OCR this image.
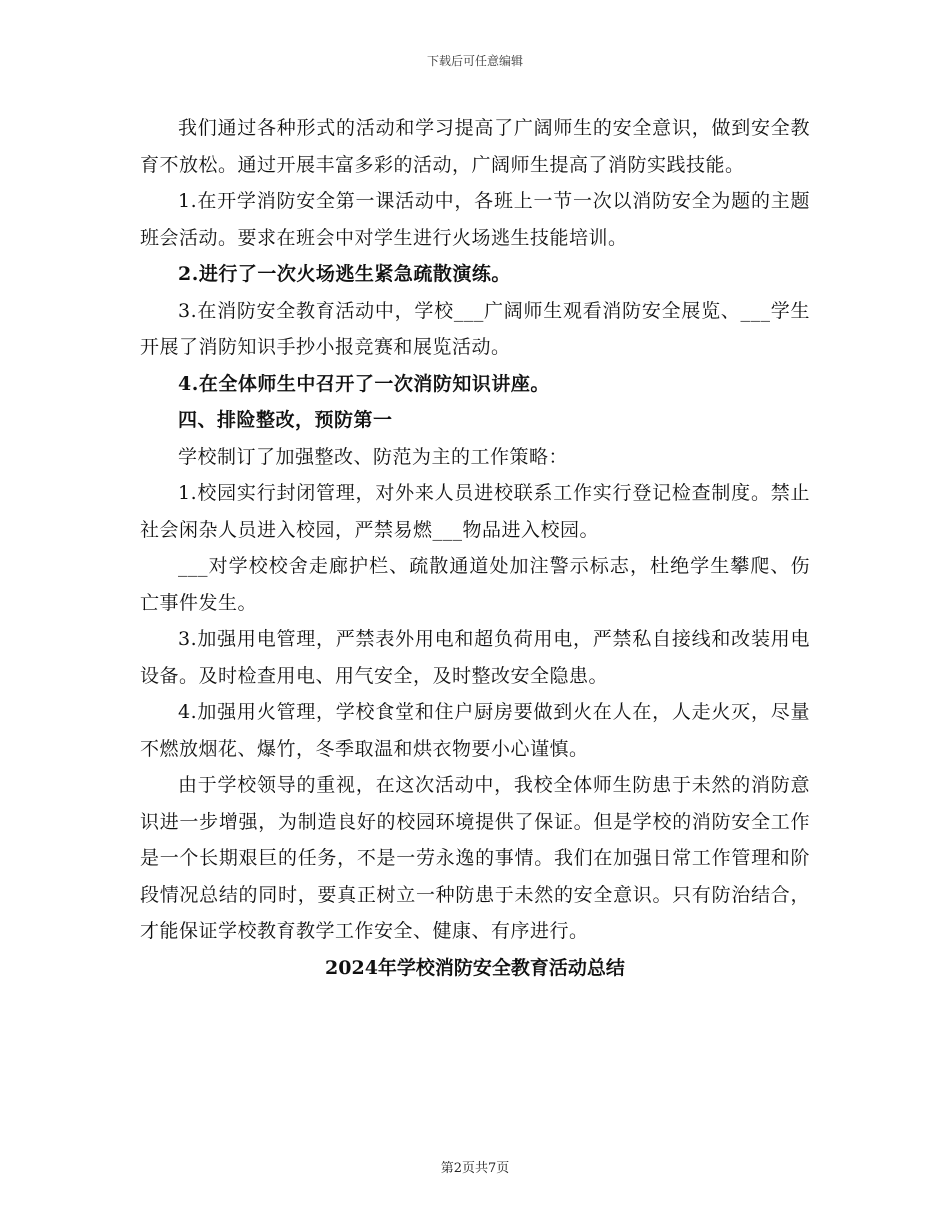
下载后可任意编辑

我们通过各种形式的活动和学习提高了广阔师生的安全意识，做到安全教育不放松。通过开展丰富多彩的活动，广阔师生提高了消防实践技能。

1.在开学消防安全第一课活动中，各班上一节一次以消防安全为题的主题班会活动。要求在班会中对学生进行火场逃生技能培训。

2.进行了一次火场逃生紧急疏散演练。

3.在消防安全教育活动中，学校___广阔师生观看消防安全展览、___学生开展了消防知识手抄小报竞赛和展览活动。

4.在全体师生中召开了一次消防知识讲座。

四、排险整改，预防第一

学校制订了加强整改、防范为主的工作策略：

1.校园实行封闭管理，对外来人员进校联系工作实行登记检查制度。禁止社会闲杂人员进入校园，严禁易燃___物品进入校园。

___对学校校舍走廊护栏、疏散通道处加注警示标志，杜绝学生攀爬、伤亡事件发生。

3.加强用电管理，严禁表外用电和超负荷用电，严禁私自接线和改装用电设备。及时检查用电、用气安全，及时整改安全隐患。

4.加强用火管理，学校食堂和住户厨房要做到火在人在，人走火灭，尽量不燃放烟花、爆竹，冬季取温和烘衣物要小心谨慎。

由于学校领导的重视，在这次活动中，我校全体师生防患于未然的消防意识进一步增强，为制造良好的校园环境提供了保证。但是学校的消防安全工作是一个长期艰巨的任务，不是一劳永逸的事情。我们在加强日常工作管理和阶段情况总结的同时，要真正树立一种防患于未然的安全意识。只有防治结合，才能保证学校教育教学工作安全、健康、有序进行。

2024年学校消防安全教育活动总结

第2页共7页
